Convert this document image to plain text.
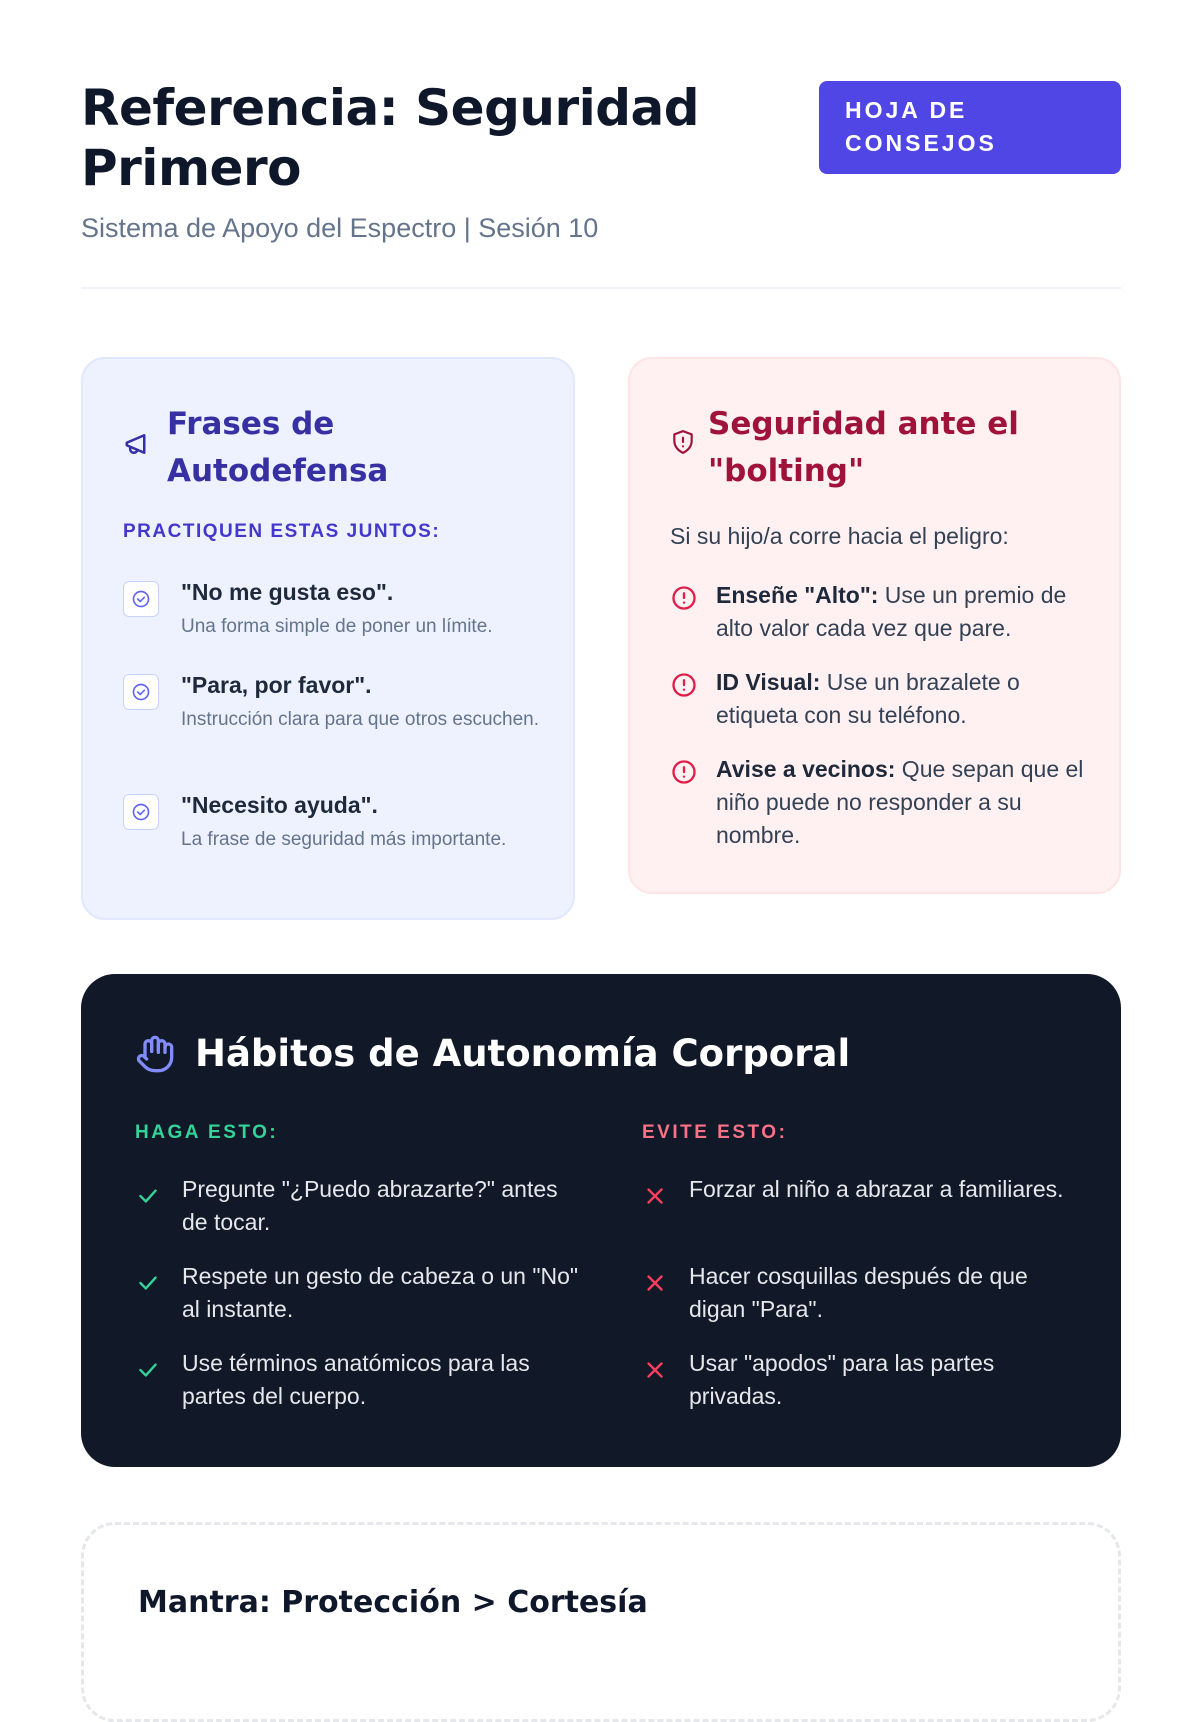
Referencia: Seguridad Primero
Sistema de Apoyo del Espectro | Sesión 10
HOJA DE CONSEJOS
Frases de Autodefensa
PRACTIQUEN ESTAS JUNTOS:
"No me gusta eso".
Una forma simple de poner un límite.
"Para, por favor".
Instrucción clara para que otros escuchen.
"Necesito ayuda".
La frase de seguridad más importante.
Seguridad ante el "bolting"
Si su hijo/a corre hacia el peligro:
Enseñe "Alto": Use un premio de alto valor cada vez que pare.
ID Visual: Use un brazalete o etiqueta con su teléfono.
Avise a vecinos: Que sepan que el niño puede no responder a su nombre.
Hábitos de Autonomía Corporal
HAGA ESTO:	EVITE ESTO:
Pregunte "¿Puedo abrazarte?" antes de tocar.
Respete un gesto de cabeza o un "No" al instante.
Use términos anatómicos para las partes del cuerpo.
Forzar al niño a abrazar a familiares.
Hacer cosquillas después de que digan "Para".
Usar "apodos" para las partes privadas.
Mantra: Protección > Cortesía
